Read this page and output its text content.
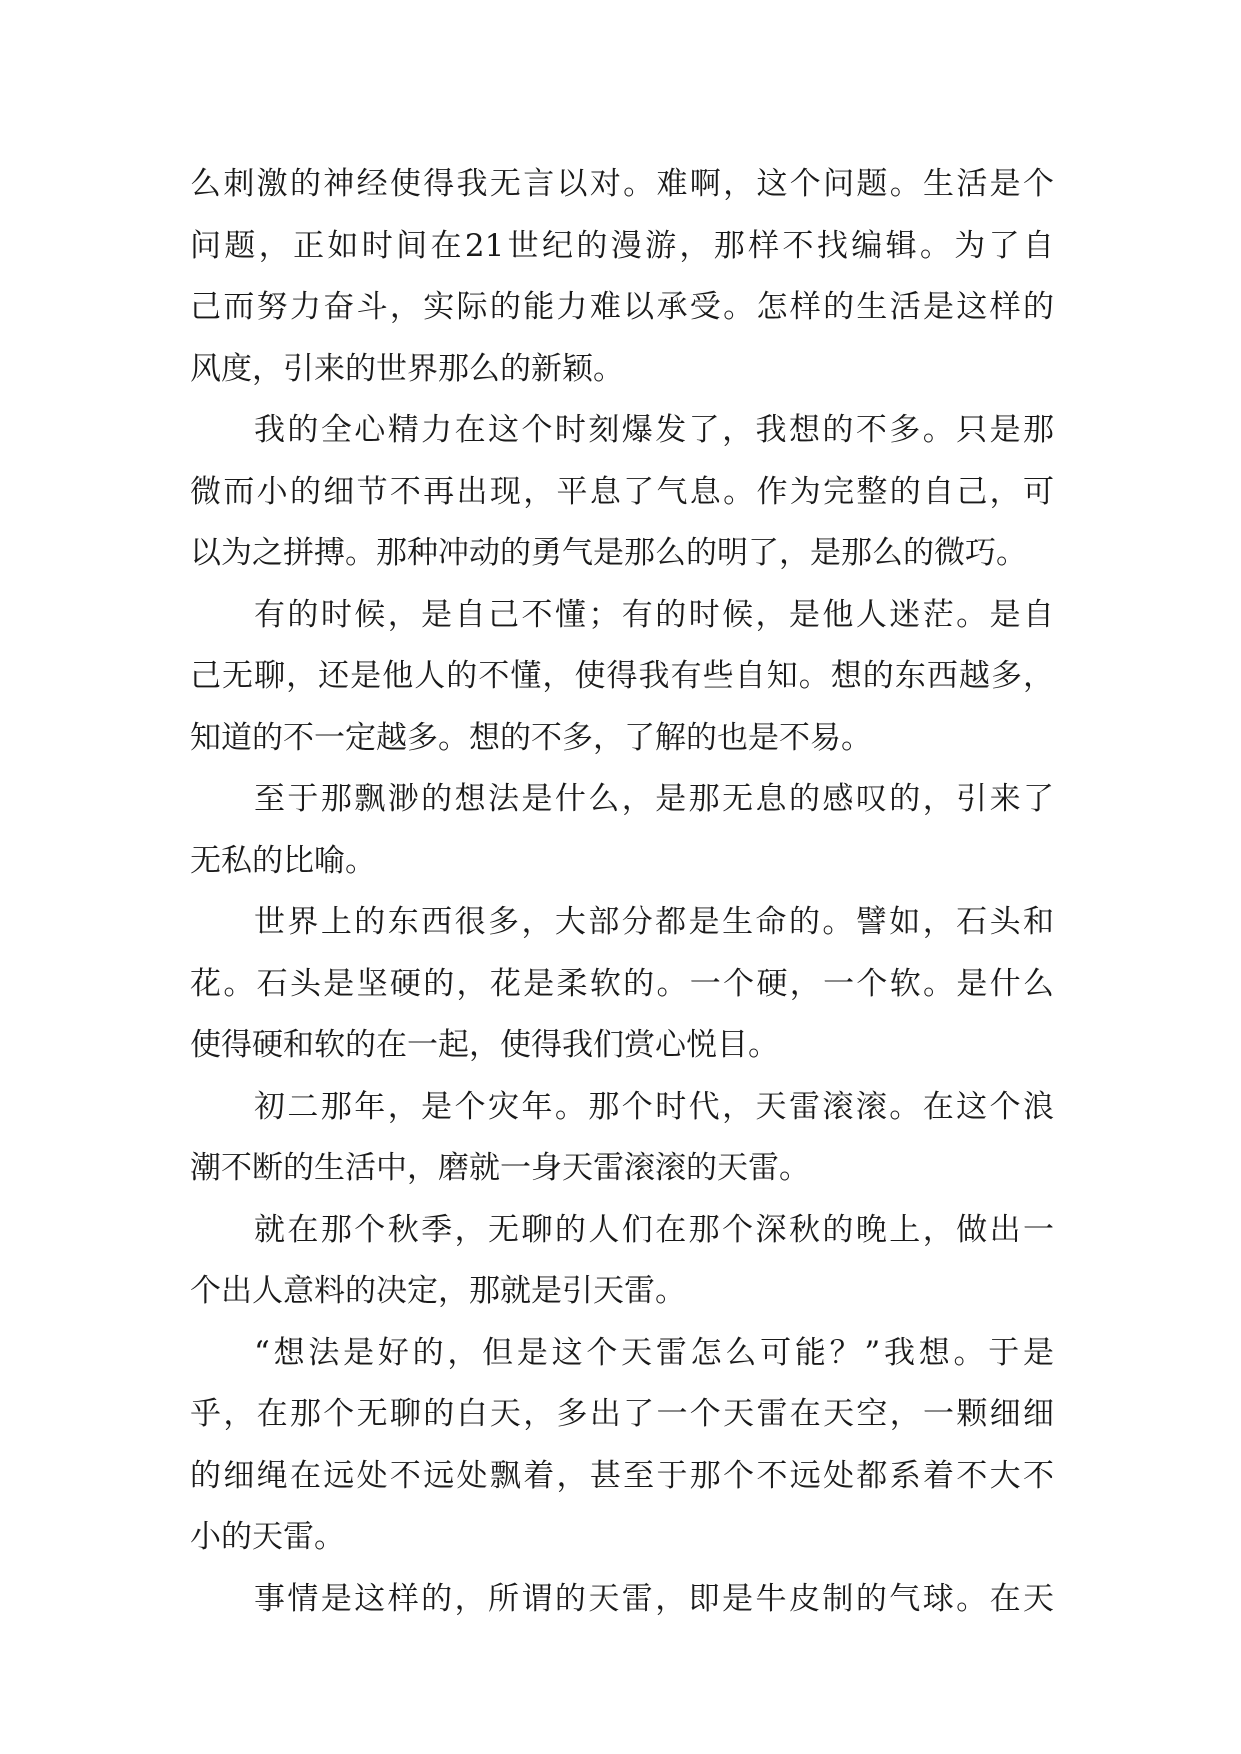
么刺激的神经使得我无言以对。难啊，这个问题。生活是个
问题，正如时间在21世纪的漫游，那样不找编辑。为了自
己而努力奋斗，实际的能力难以承受。怎样的生活是这样的
风度，引来的世界那么的新颖。
我的全心精力在这个时刻爆发了，我想的不多。只是那
微而小的细节不再出现，平息了气息。作为完整的自己，可
以为之拼搏。那种冲动的勇气是那么的明了，是那么的微巧。
有的时候，是自己不懂；有的时候，是他人迷茫。是自
己无聊，还是他人的不懂，使得我有些自知。想的东西越多，
知道的不一定越多。想的不多，了解的也是不易。
至于那飘渺的想法是什么，是那无息的感叹的，引来了
无私的比喻。
世界上的东西很多，大部分都是生命的。譬如，石头和
花。石头是坚硬的，花是柔软的。一个硬，一个软。是什么
使得硬和软的在一起，使得我们赏心悦目。
初二那年，是个灾年。那个时代，天雷滚滚。在这个浪
潮不断的生活中，磨就一身天雷滚滚的天雷。
就在那个秋季，无聊的人们在那个深秋的晚上，做出一
个出人意料的决定，那就是引天雷。
“想法是好的，但是这个天雷怎么可能？”我想。于是
乎，在那个无聊的白天，多出了一个天雷在天空，一颗细细
的细绳在远处不远处飘着，甚至于那个不远处都系着不大不
小的天雷。
事情是这样的，所谓的天雷，即是牛皮制的气球。在天
